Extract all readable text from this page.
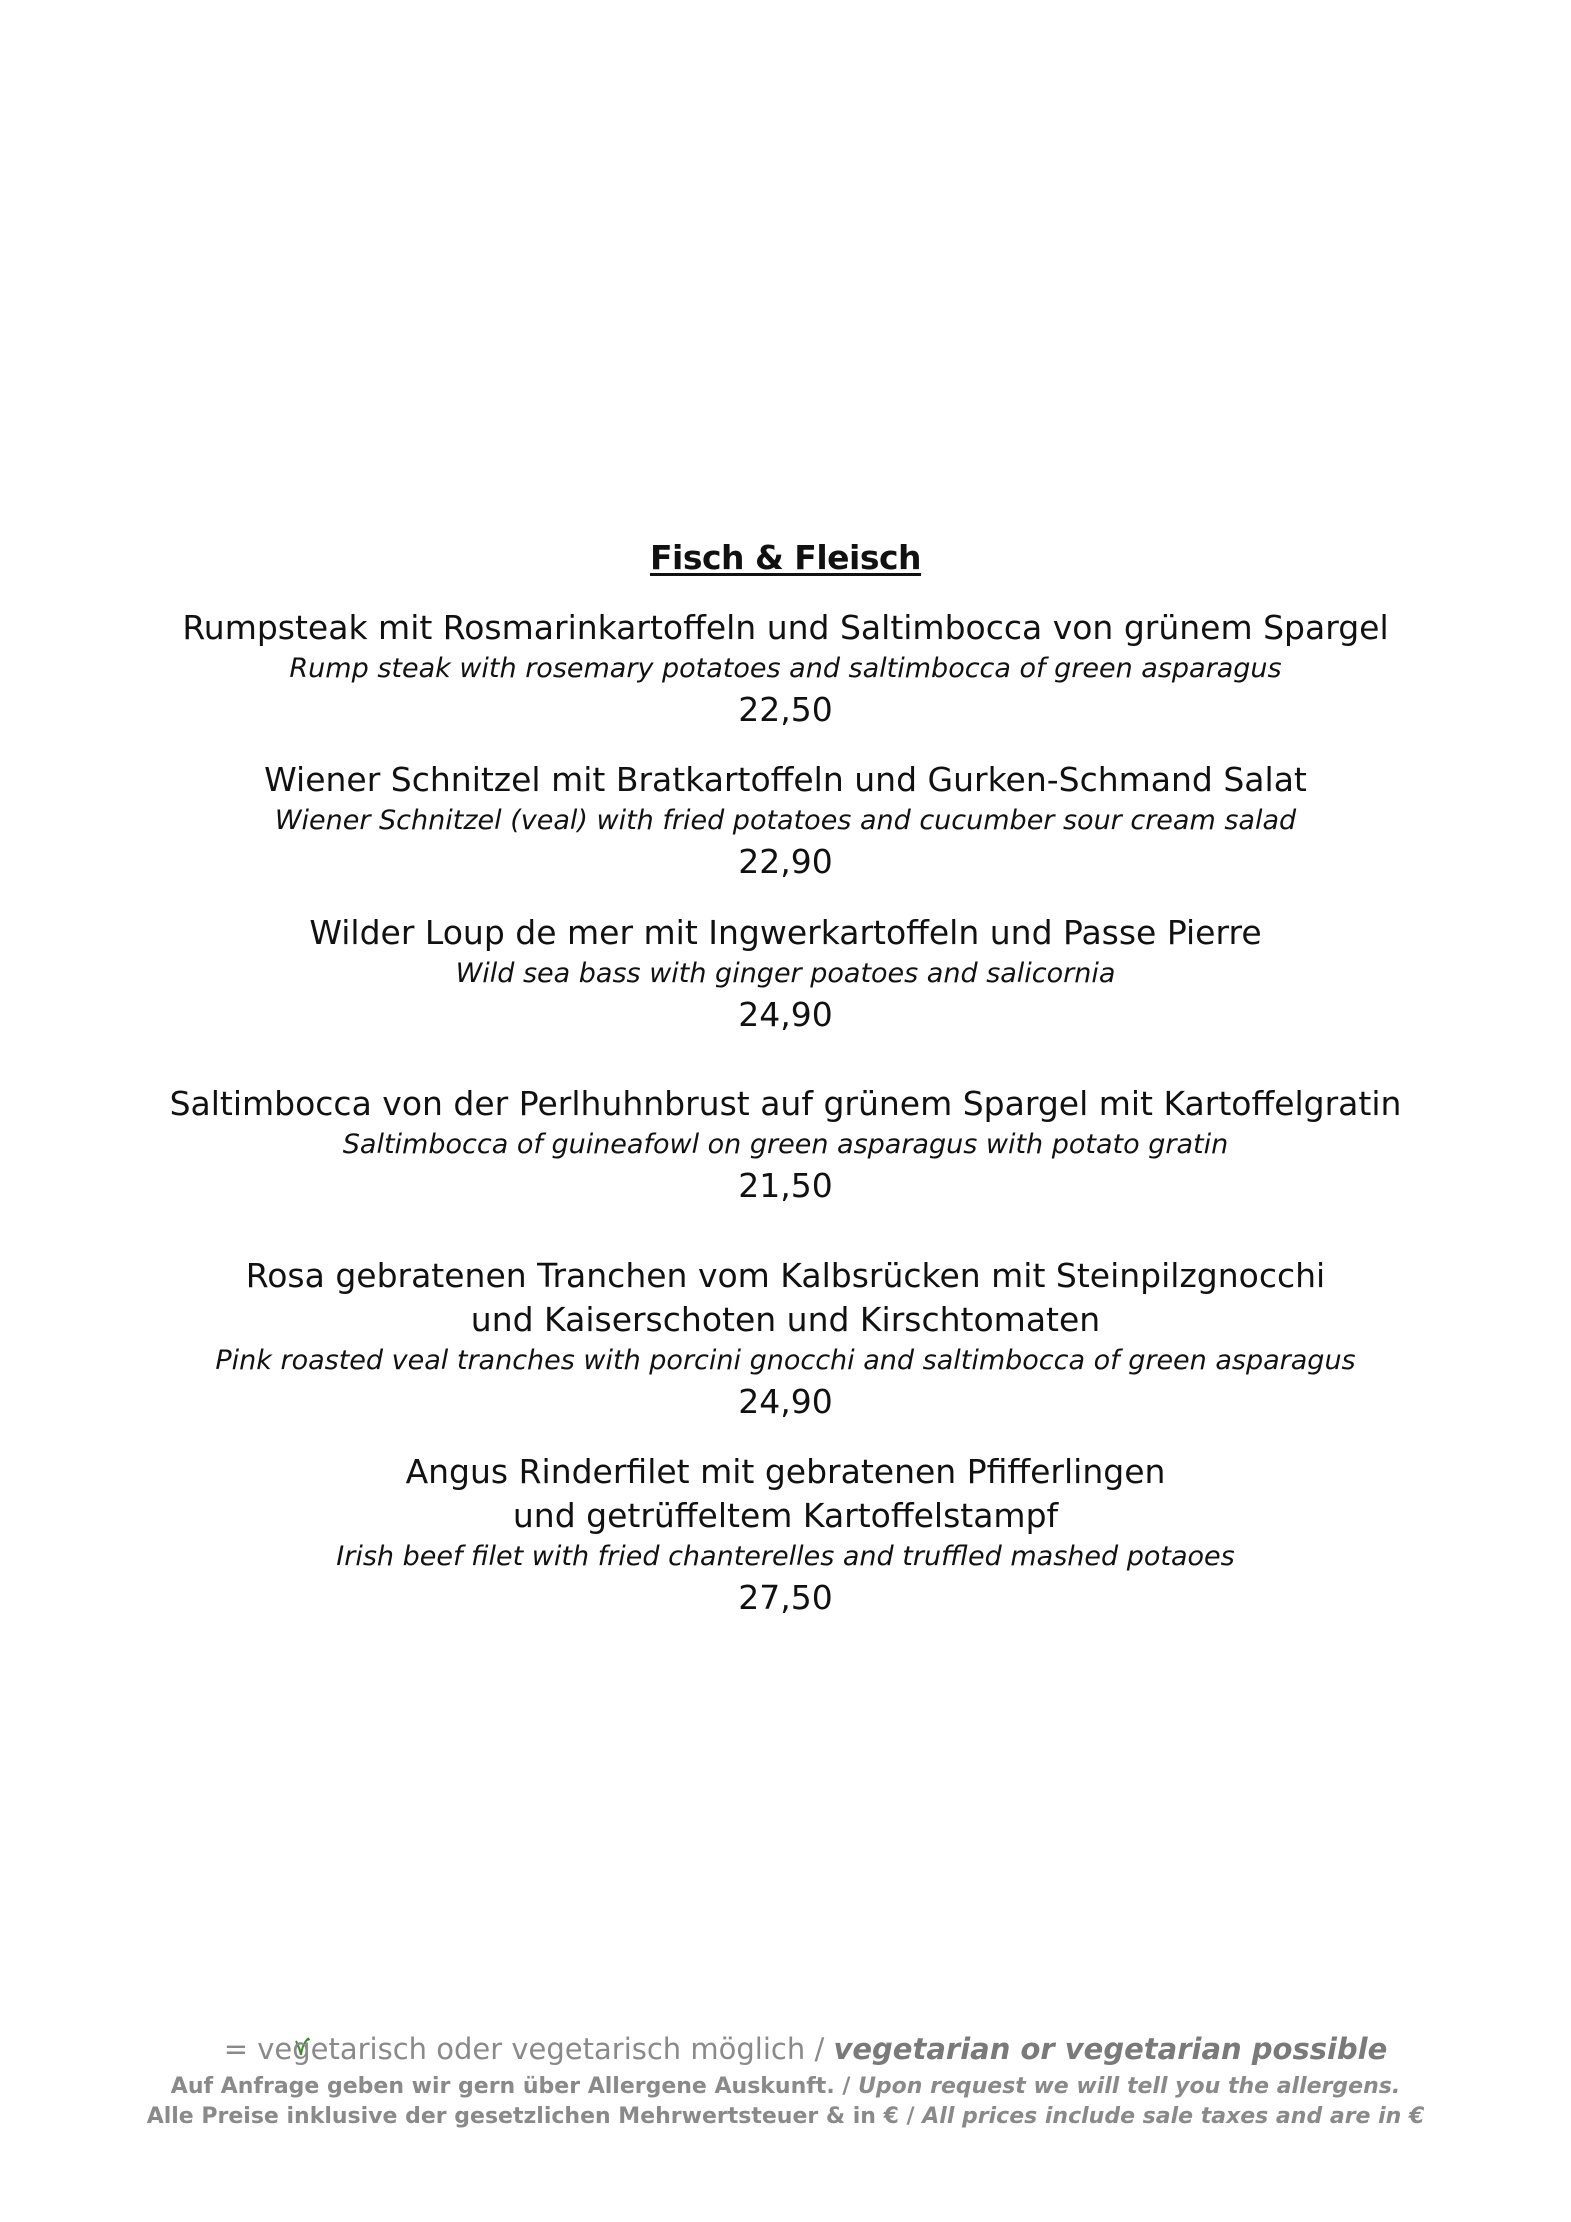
Fisch & Fleisch
Rumpsteak mit Rosmarinkartoffeln und Saltimbocca von grünem Spargel
Rump steak with rosemary potatoes and saltimbocca of green asparagus
22,50
Wiener Schnitzel mit Bratkartoffeln und Gurken-Schmand Salat
Wiener Schnitzel (veal) with fried potatoes and cucumber sour cream salad
22,90
Wilder Loup de mer mit Ingwerkartoffeln und Passe Pierre
Wild sea bass with ginger poatoes and salicornia
24,90
Saltimbocca von der Perlhuhnbrust auf grünem Spargel mit Kartoffelgratin
Saltimbocca of guineafowl on green asparagus with potato gratin
21,50
Rosa gebratenen Tranchen vom Kalbsrücken mit Steinpilzgnocchi
und Kaiserschoten und Kirschtomaten
Pink roasted veal tranches with porcini gnocchi and saltimbocca of green asparagus
24,90
Angus Rinderfilet mit gebratenen Pfifferlingen
und getrüffeltem Kartoffelstampf
Irish beef filet with fried chanterelles and truffled mashed potaoes
27,50
= vegetarisch oder vegetarisch möglich / vegetarian or vegetarian possible
Auf Anfrage geben wir gern über Allergene Auskunft. / Upon request we will tell you the allergens.
Alle Preise inklusive der gesetzlichen Mehrwertsteuer & in € / All prices include sale taxes and are in €
